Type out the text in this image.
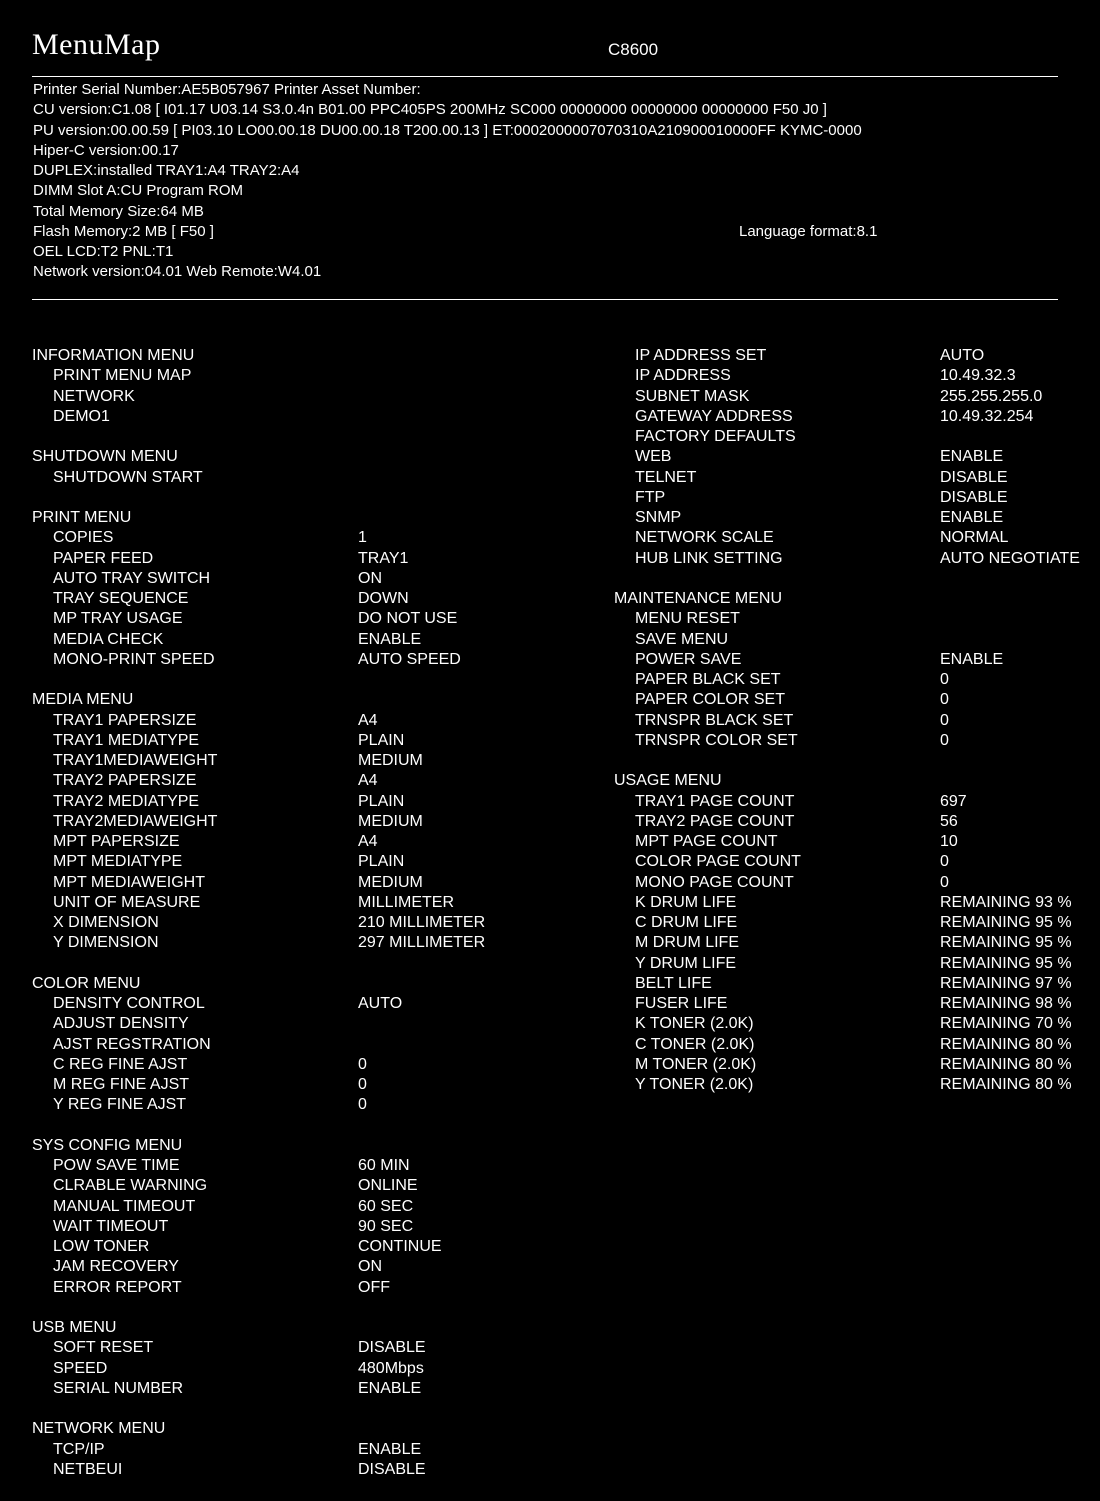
MenuMap	C8600
Printer Serial Number:AE5B057967 Printer Asset Number:
CU version:C1.08 [ I01.17 U03.14 S3.0.4n B01.00 PPC405PS 200MHz SC000 00000000 00000000 00000000 F50 J0 ]
PU version:00.00.59 [ PI03.10 LO00.00.18 DU00.00.18 T200.00.13 ] ET:0002000007070310A210900010000FF KYMC-0000
Hiper-C version:00.17
DUPLEX:installed TRAY1:A4 TRAY2:A4
DIMM Slot A:CU Program ROM
Total Memory Size:64 MB
Flash Memory:2 MB [ F50 ]	Language format:8.1
OEL LCD:T2 PNL:T1
Network version:04.01 Web Remote:W4.01
INFORMATION MENU
PRINT MENU MAP
NETWORK
DEMO1
SHUTDOWN MENU
SHUTDOWN START
PRINT MENU
COPIES	1
PAPER FEED	TRAY1
AUTO TRAY SWITCH	ON
TRAY SEQUENCE	DOWN
MP TRAY USAGE	DO NOT USE
MEDIA CHECK	ENABLE
MONO-PRINT SPEED	AUTO SPEED
MEDIA MENU
TRAY1 PAPERSIZE	A4
TRAY1 MEDIATYPE	PLAIN
TRAY1MEDIAWEIGHT	MEDIUM
TRAY2 PAPERSIZE	A4
TRAY2 MEDIATYPE	PLAIN
TRAY2MEDIAWEIGHT	MEDIUM
MPT PAPERSIZE	A4
MPT MEDIATYPE	PLAIN
MPT MEDIAWEIGHT	MEDIUM
UNIT OF MEASURE	MILLIMETER
X DIMENSION	210 MILLIMETER
Y DIMENSION	297 MILLIMETER
COLOR MENU
DENSITY CONTROL	AUTO
ADJUST DENSITY
AJST REGSTRATION
C REG FINE AJST	0
M REG FINE AJST	0
Y REG FINE AJST	0
SYS CONFIG MENU
POW SAVE TIME	60 MIN
CLRABLE WARNING	ONLINE
MANUAL TIMEOUT	60 SEC
WAIT TIMEOUT	90 SEC
LOW TONER	CONTINUE
JAM RECOVERY	ON
ERROR REPORT	OFF
USB MENU
SOFT RESET	DISABLE
SPEED	480Mbps
SERIAL NUMBER	ENABLE
NETWORK MENU
TCP/IP	ENABLE
NETBEUI	DISABLE
IP ADDRESS SET	AUTO
IP ADDRESS	10.49.32.3
SUBNET MASK	255.255.255.0
GATEWAY ADDRESS	10.49.32.254
FACTORY DEFAULTS
WEB	ENABLE
TELNET	DISABLE
FTP	DISABLE
SNMP	ENABLE
NETWORK SCALE	NORMAL
HUB LINK SETTING	AUTO NEGOTIATE
MAINTENANCE MENU
MENU RESET
SAVE MENU
POWER SAVE	ENABLE
PAPER BLACK SET	0
PAPER COLOR SET	0
TRNSPR BLACK SET	0
TRNSPR COLOR SET	0
USAGE MENU
TRAY1 PAGE COUNT	697
TRAY2 PAGE COUNT	56
MPT PAGE COUNT	10
COLOR PAGE COUNT	0
MONO PAGE COUNT	0
K DRUM LIFE	REMAINING 93 %
C DRUM LIFE	REMAINING 95 %
M DRUM LIFE	REMAINING 95 %
Y DRUM LIFE	REMAINING 95 %
BELT LIFE	REMAINING 97 %
FUSER LIFE	REMAINING 98 %
K TONER (2.0K)	REMAINING 70 %
C TONER (2.0K)	REMAINING 80 %
M TONER (2.0K)	REMAINING 80 %
Y TONER (2.0K)	REMAINING 80 %
